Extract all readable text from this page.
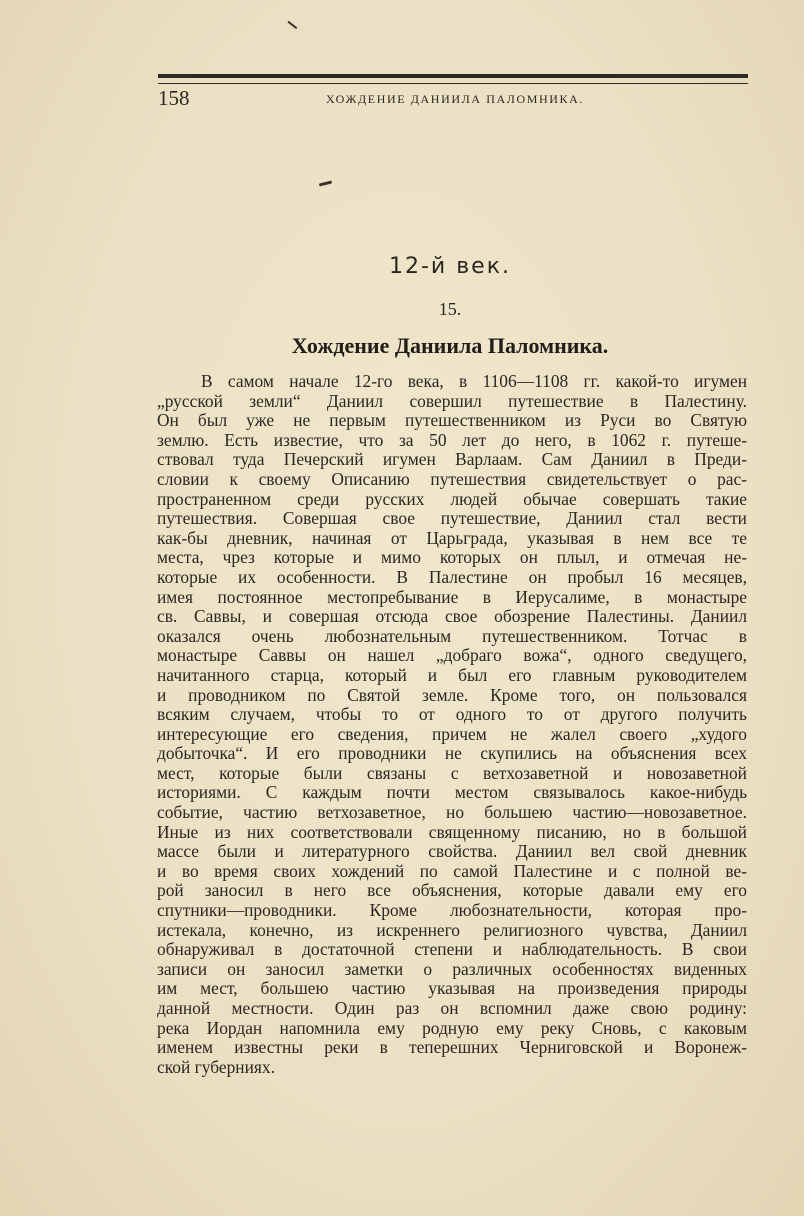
158	ХОЖДЕНИЕ ДАНИИЛА ПАЛОМНИКА.
12-й век.
15.
Хождение Даниила Паломника.
В самом начале 12-го века, в 1106—1108 гг. какой-то игумен
„русской земли“ Даниил совершил путешествие в Палестину.
Он был уже не первым путешественником из Руси во Святую
землю. Есть известие, что за 50 лет до него, в 1062 г. путеше-
ствовал туда Печерский игумен Варлаам. Сам Даниил в Преди-
словии к своему Описанию путешествия свидетельствует о рас-
пространенном среди русских людей обычае совершать такие
путешествия. Совершая свое путешествие, Даниил стал вести
как-бы дневник, начиная от Царьграда, указывая в нем все те
места, чрез которые и мимо которых он плыл, и отмечая не-
которые их особенности. В Палестине он пробыл 16 месяцев,
имея постоянное местопребывание в Иерусалиме, в монастыре
св. Саввы, и совершая отсюда свое обозрение Палестины. Даниил
оказался очень любознательным путешественником. Тотчас в
монастыре Саввы он нашел „добраго вожа“, одного сведущего,
начитанного старца, который и был его главным руководителем
и проводником по Святой земле. Кроме того, он пользовался
всяким случаем, чтобы то от одного то от другого получить
интересующие его сведения, причем не жалел своего „худого
добыточка“. И его проводники не скупились на объяснения всех
мест, которые были связаны с ветхозаветной и новозаветной
историями. С каждым почти местом связывалось какое-нибудь
событие, частию ветхозаветное, но большею частию—новозаветное.
Иные из них соответствовали священному писанию, но в большой
массе были и литературного свойства. Даниил вел свой дневник
и во время своих хождений по самой Палестине и с полной ве-
рой заносил в него все объяснения, которые давали ему его
спутники—проводники. Кроме любознательности, которая про-
истекала, конечно, из искреннего религиозного чувства, Даниил
обнаруживал в достаточной степени и наблюдательность. В свои
записи он заносил заметки о различных особенностях виденных
им мест, большею частию указывая на произведения природы
данной местности. Один раз он вспомнил даже свою родину:
река Иордан напомнила ему родную ему реку Сновь, с каковым
именем известны реки в теперешних Черниговской и Воронеж-
ской губерниях.
